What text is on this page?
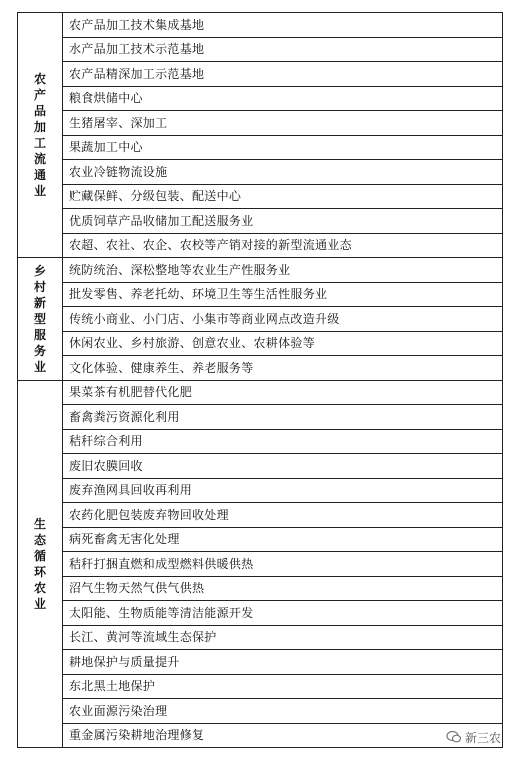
农产品加工流通业	农产品加工技术集成基地
	水产品加工技术示范基地
	农产品精深加工示范基地
	粮食烘储中心
	生猪屠宰、深加工
	果蔬加工中心
	农业冷链物流设施
	贮藏保鲜、分级包装、配送中心
	优质饲草产品收储加工配送服务业
	农超、农社、农企、农校等产销对接的新型流通业态
乡村新型服务业	统防统治、深松整地等农业生产性服务业
	批发零售、养老托幼、环境卫生等生活性服务业
	传统小商业、小门店、小集市等商业网点改造升级
	休闲农业、乡村旅游、创意农业、农耕体验等
	文化体验、健康养生、养老服务等
生态循环农业	果菜茶有机肥替代化肥
	畜禽粪污资源化利用
	秸秆综合利用
	废旧农膜回收
	废弃渔网具回收再利用
	农药化肥包装废弃物回收处理
	病死畜禽无害化处理
	秸秆打捆直燃和成型燃料供暖供热
	沼气生物天然气供气供热
	太阳能、生物质能等清洁能源开发
	长江、黄河等流域生态保护
	耕地保护与质量提升
	东北黑土地保护
	农业面源污染治理
	重金属污染耕地治理修复	新三农
